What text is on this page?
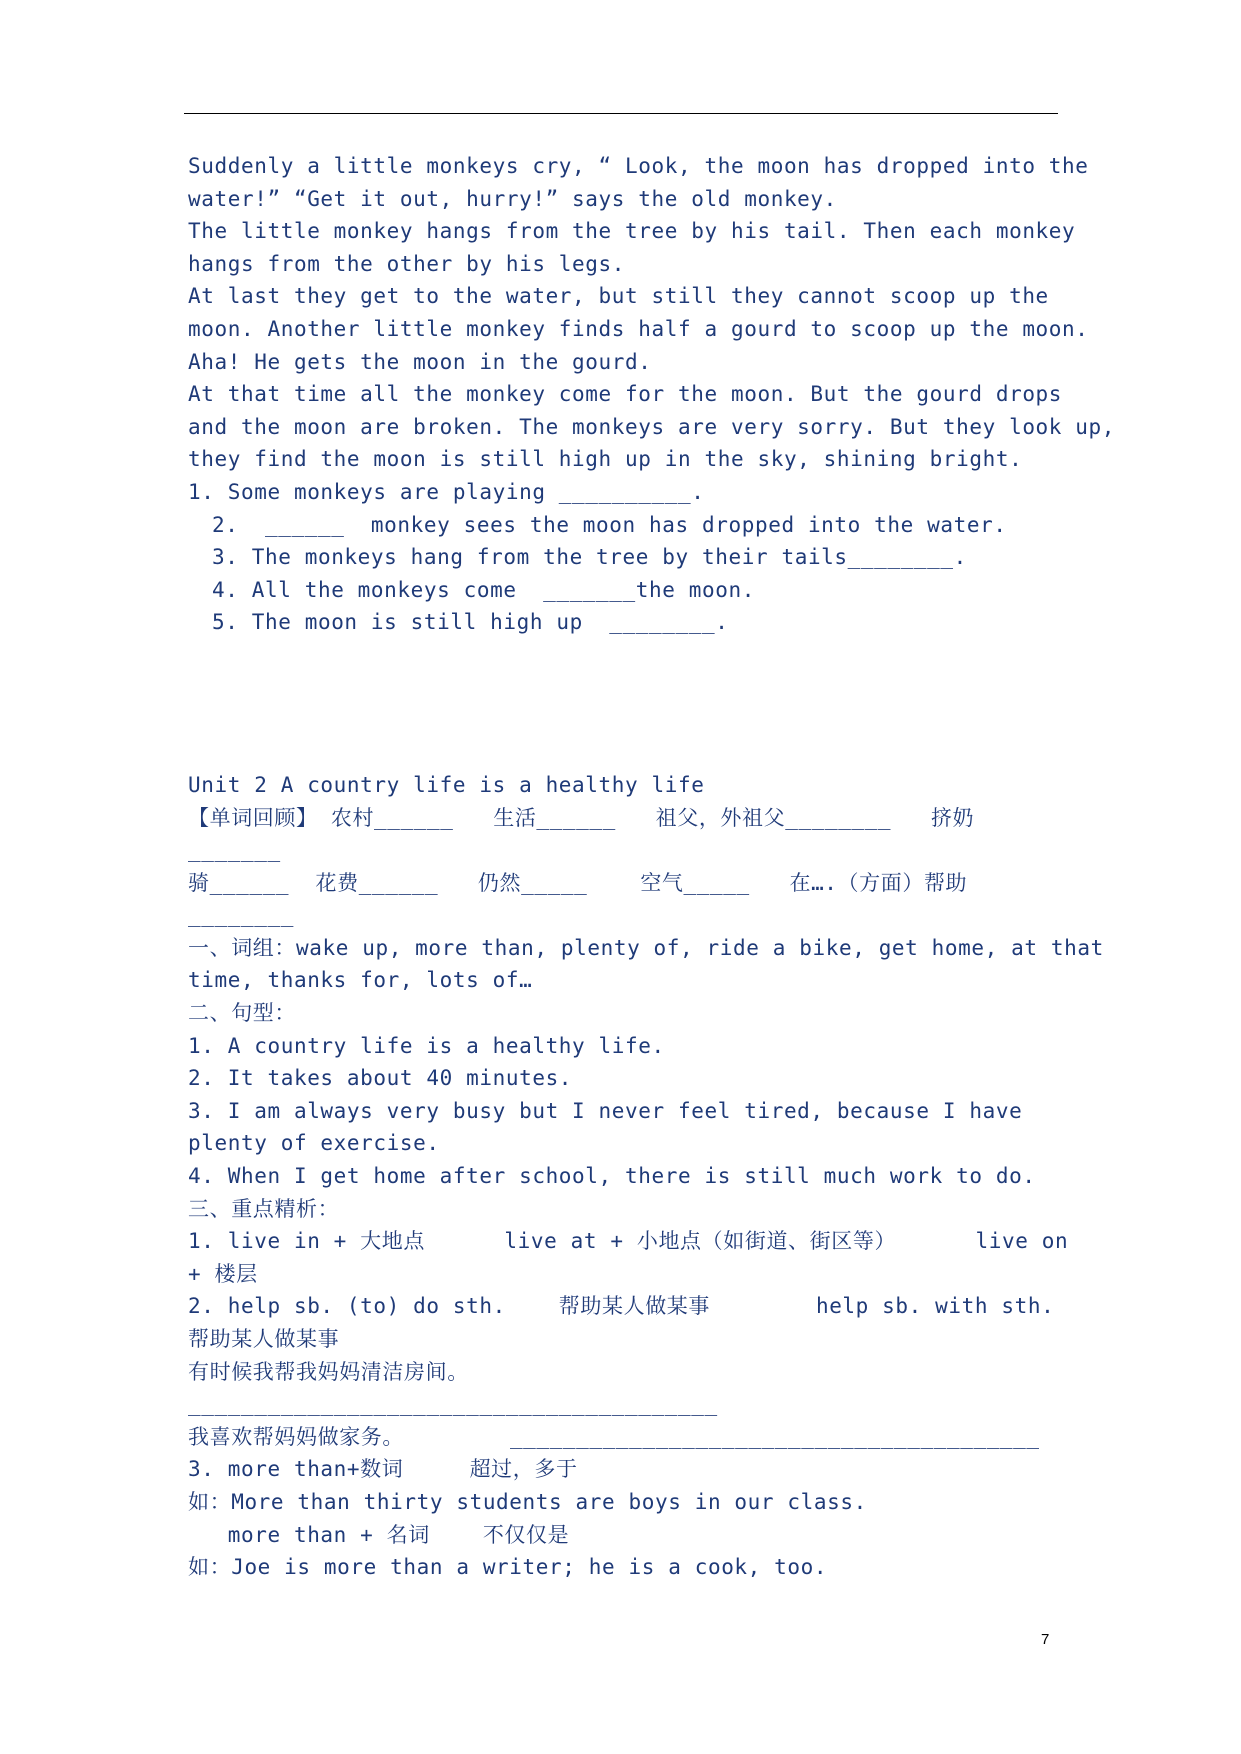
Suddenly a little monkeys cry, “ Look, the moon has dropped into the

water!” “Get it out, hurry!” says the old monkey.

The little monkey hangs from the tree by his tail. Then each monkey

hangs from the other by his legs.

At last they get to the water, but still they cannot scoop up the

moon. Another little monkey finds half a gourd to scoop up the moon.

Aha! He gets the moon in the gourd.

At that time all the monkey come for the moon. But the gourd drops

and the moon are broken. The monkeys are very sorry. But they look up,

they find the moon is still high up in the sky, shining bright.

1. Some monkeys are playing __________.

2.  ______  monkey sees the moon has dropped into the water.

3. The monkeys hang from the tree by their tails________.

4. All the monkeys come  _______the moon.

5. The moon is still high up  ________.

Unit 2 A country life is a healthy life

【单词回顾】 农村______   生活______   祖父，外祖父________   挤奶

_______

骑______  花费______   仍然_____    空气_____   在….（方面）帮助

________

一、词组：wake up, more than, plenty of, ride a bike, get home, at that

time, thanks for, lots of…

二、句型：

1. A country life is a healthy life.

2. It takes about 40 minutes.

3. I am always very busy but I never feel tired, because I have

plenty of exercise.

4. When I get home after school, there is still much work to do.

三、重点精析：

1. live in + 大地点      live at + 小地点（如街道、街区等）      live on

+ 楼层

2. help sb. (to) do sth.    帮助某人做某事        help sb. with sth.

帮助某人做某事

有时候我帮我妈妈清洁房间。

________________________________________

我喜欢帮妈妈做家务。        ________________________________________

3. more than+数词     超过，多于

如：More than thirty students are boys in our class.

more than + 名词    不仅仅是

如：Joe is more than a writer; he is a cook, too.

7
